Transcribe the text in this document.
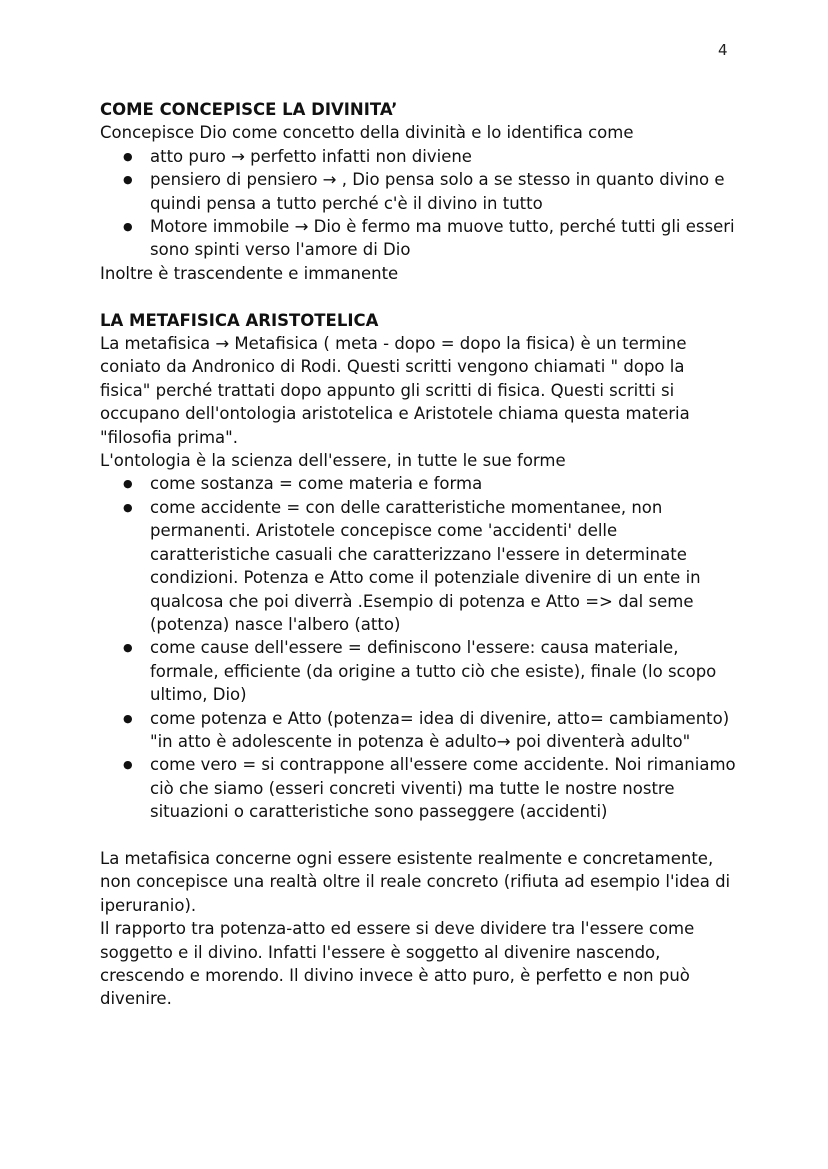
4

COME CONCEPISCE LA DIVINITA’

Concepisce Dio come concetto della divinità e lo identifica come

● atto puro → perfetto infatti non diviene
● pensiero di pensiero → , Dio pensa solo a se stesso in quanto divino e quindi pensa a tutto perché c'è il divino in tutto
● Motore immobile → Dio è fermo ma muove tutto, perché tutti gli esseri sono spinti verso l'amore di Dio

Inoltre è trascendente e immanente

LA METAFISICA ARISTOTELICA

La metafisica → Metafisica ( meta - dopo = dopo la fisica) è un termine coniato da Andronico di Rodi. Questi scritti vengono chiamati " dopo la fisica" perché trattati dopo appunto gli scritti di fisica. Questi scritti si occupano dell'ontologia aristotelica e Aristotele chiama questa materia "filosofia prima".

L'ontologia è la scienza dell'essere, in tutte le sue forme

● come sostanza = come materia e forma
● come accidente = con delle caratteristiche momentanee, non permanenti. Aristotele concepisce come 'accidenti' delle caratteristiche casuali che caratterizzano l'essere in determinate condizioni. Potenza e Atto come il potenziale divenire di un ente in qualcosa che poi diverrà .Esempio di potenza e Atto => dal seme (potenza) nasce l'albero (atto)
● come cause dell'essere = definiscono l'essere: causa materiale, formale, efficiente (da origine a tutto ciò che esiste), finale (lo scopo ultimo, Dio)
● come potenza e Atto (potenza= idea di divenire, atto= cambiamento) "in atto è adolescente in potenza è adulto→ poi diventerà adulto"
● come vero = si contrappone all'essere come accidente. Noi rimaniamo ciò che siamo (esseri concreti viventi) ma tutte le nostre nostre situazioni o caratteristiche sono passeggere (accidenti)

La metafisica concerne ogni essere esistente realmente e concretamente, non concepisce una realtà oltre il reale concreto (rifiuta ad esempio l'idea di iperuranio).

Il rapporto tra potenza-atto ed essere si deve dividere tra l'essere come soggetto e il divino. Infatti l'essere è soggetto al divenire nascendo, crescendo e morendo. Il divino invece è atto puro, è perfetto e non può divenire.
